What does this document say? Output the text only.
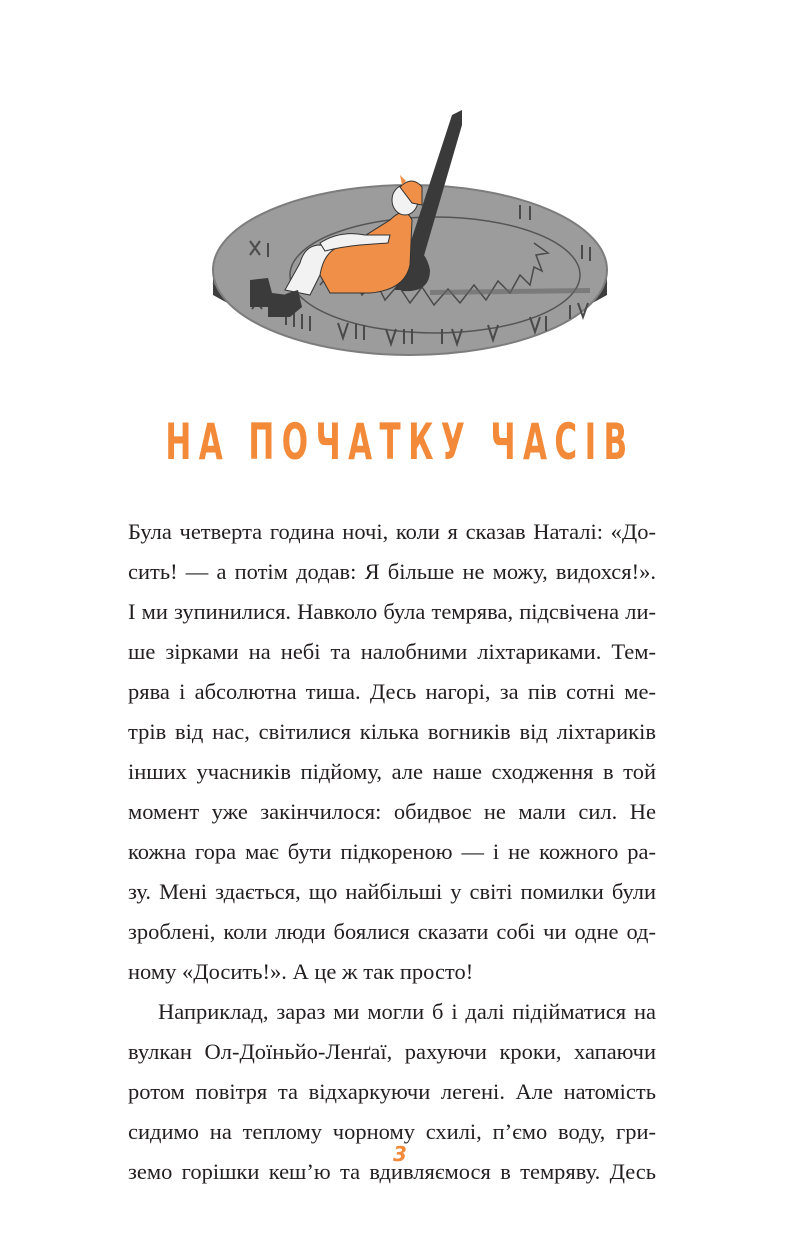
НА ПОЧАТКУ ЧАСІВ
Була четверта година ночі, коли я сказав Наталі: «До-
сить! — а потім додав: Я більше не можу, видохся!».
І ми зупинилися. Навколо була темрява, підсвічена ли-
ше зірками на небі та налобними ліхтариками. Тем-
рява і абсолютна тиша. Десь нагорі, за пів сотні ме-
трів від нас, світилися кілька вогників від ліхтариків
інших учасників підйому, але наше сходження в той
момент уже закінчилося: обидвоє не мали сил. Не
кожна гора має бути підкореною — і не кожного ра-
зу. Мені здається, що найбільші у світі помилки були
зроблені, коли люди боялися сказати собі чи одне од-
ному «Досить!». А це ж так просто!
Наприклад, зараз ми могли б і далі підійматися на
вулкан Ол-Доїньйо-Ленґаї, рахуючи кроки, хапаючи
ротом повітря та відхаркуючи легені. Але натомість
сидимо на теплому чорному схилі, п’ємо воду, гри-
земо горішки кеш’ю та вдивляємося в темряву. Десь
3
